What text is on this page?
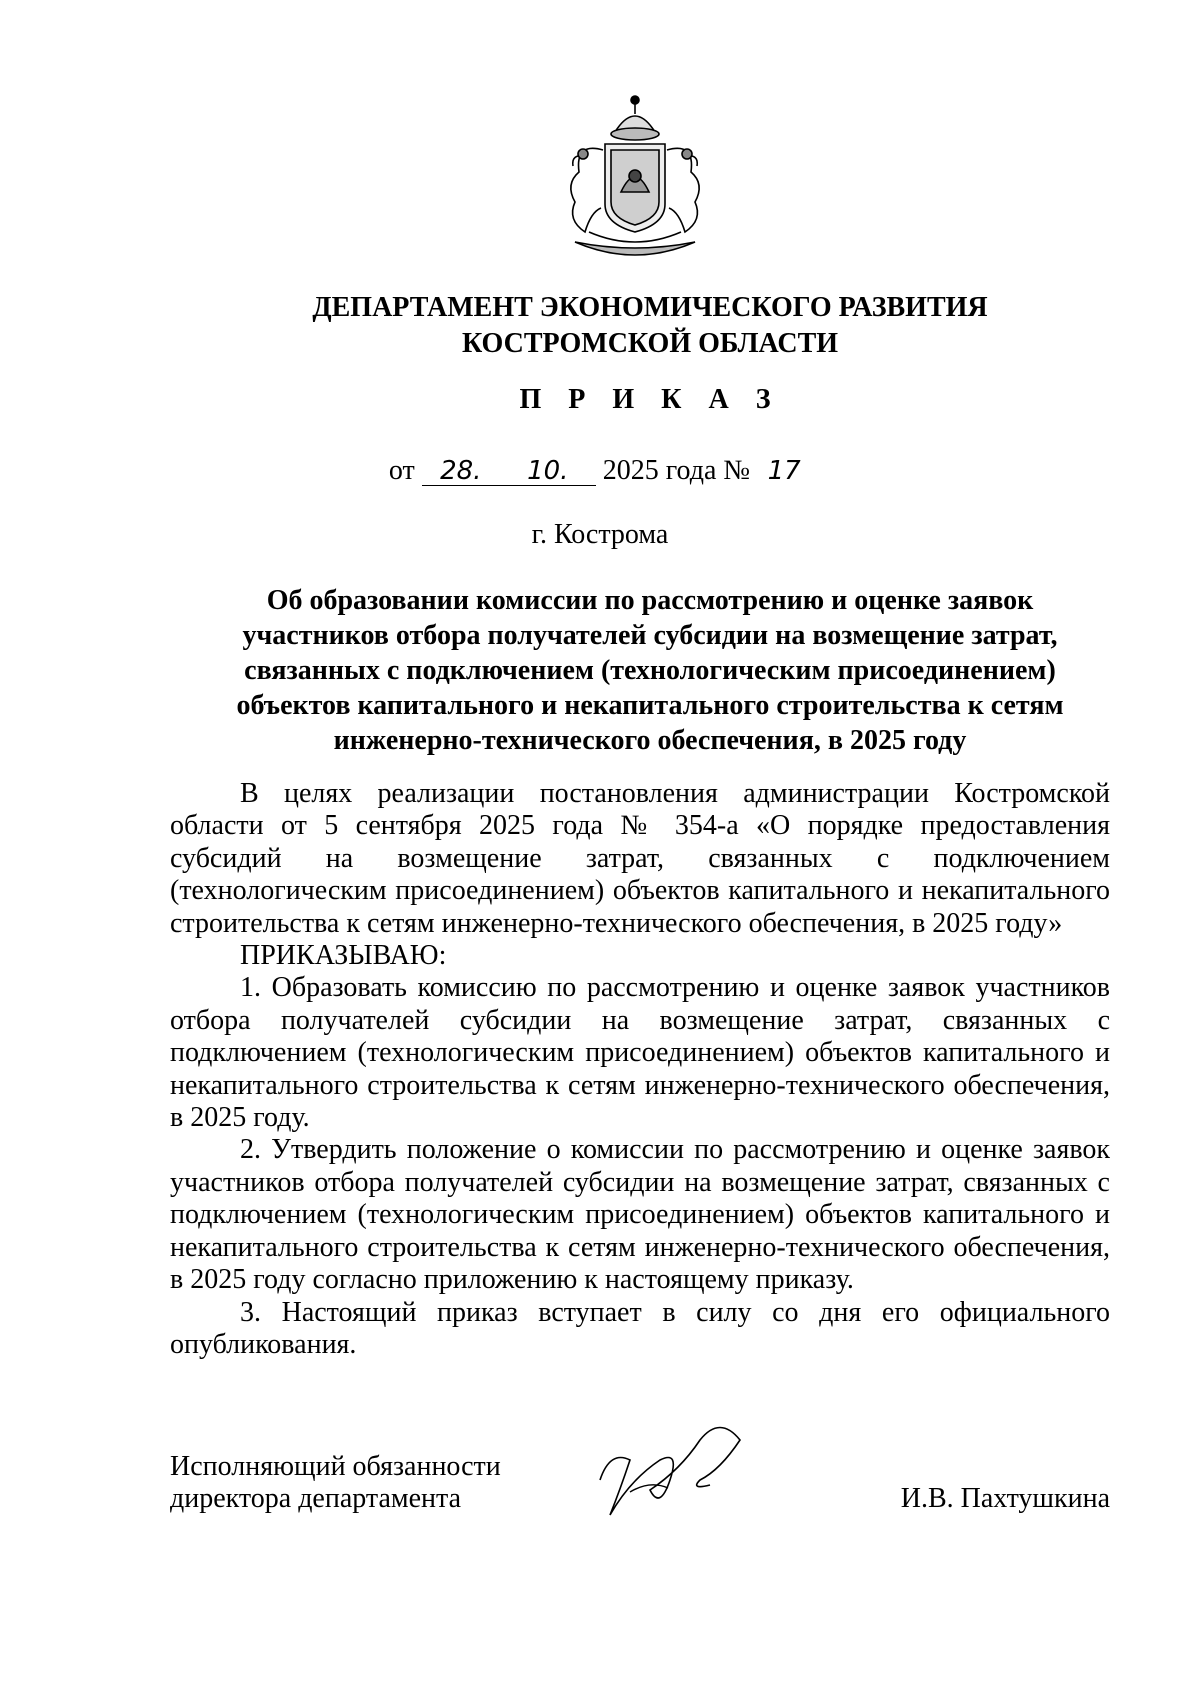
ДЕПАРТАМЕНТ ЭКОНОМИЧЕСКОГО РАЗВИТИЯ
КОСТРОМСКОЙ ОБЛАСТИ
П Р И К А З
от 28. 10. 2025 года № 17
г. Кострома
Об образовании комиссии по рассмотрению и оценке заявок
участников отбора получателей субсидии на возмещение затрат,
связанных с подключением (технологическим присоединением)
объектов капитального и некапитального строительства к сетям
инженерно-технического обеспечения, в 2025 году

В целях реализации постановления администрации Костромской области от 5 сентября 2025 года № 354-а «О порядке предоставления субсидий на возмещение затрат, связанных с подключением (технологическим присоединением) объектов капитального и некапитального строительства к сетям инженерно-технического обеспечения, в 2025 году»

ПРИКАЗЫВАЮ:

1. Образовать комиссию по рассмотрению и оценке заявок участников отбора получателей субсидии на возмещение затрат, связанных с подключением (технологическим присоединением) объектов капитального и некапитального строительства к сетям инженерно-технического обеспечения, в 2025 году.

2. Утвердить положение о комиссии по рассмотрению и оценке заявок участников отбора получателей субсидии на возмещение затрат, связанных с подключением (технологическим присоединением) объектов капитального и некапитального строительства к сетям инженерно-технического обеспечения, в 2025 году согласно приложению к настоящему приказу.

3. Настоящий приказ вступает в силу со дня его официального опубликования.

Исполняющий обязанности
директора департамента	И.В. Пахтушкина
